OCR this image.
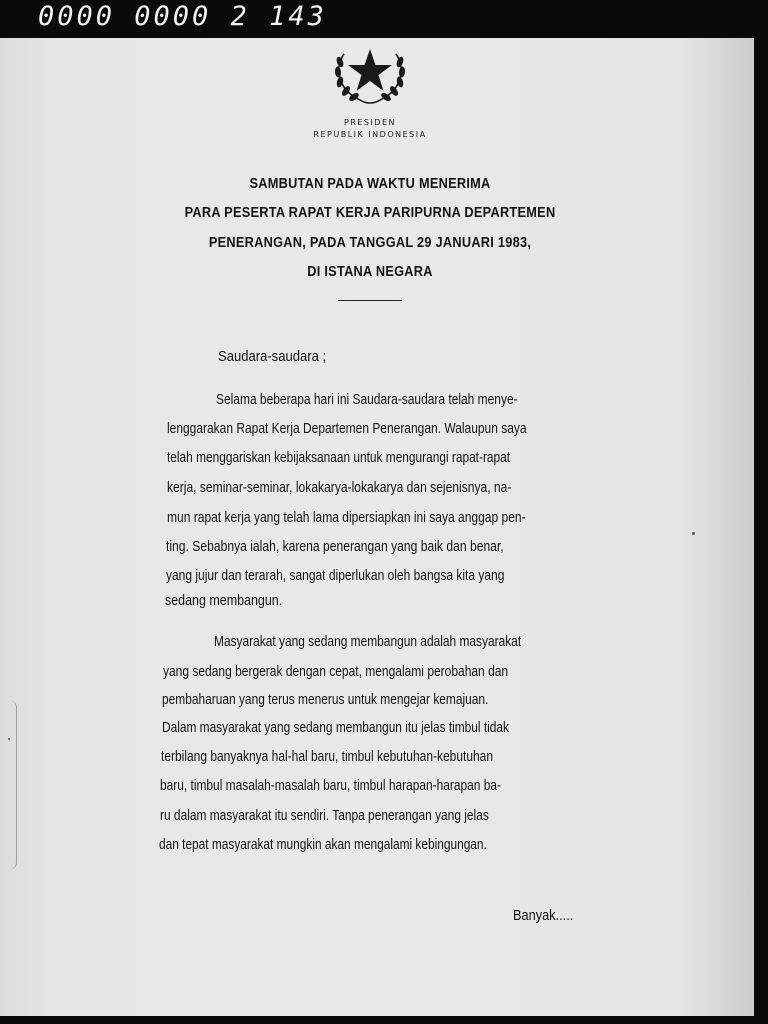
0000 0000 2 143
PRESIDEN
REPUBLIK INDONESIA
SAMBUTAN PADA WAKTU MENERIMA
PARA PESERTA RAPAT KERJA PARIPURNA DEPARTEMEN
PENERANGAN, PADA TANGGAL 29 JANUARI 1983,
DI ISTANA NEGARA
Saudara-saudara ;
Selama beberapa hari ini Saudara-saudara telah menye-
lenggarakan Rapat Kerja Departemen Penerangan. Walaupun saya
telah menggariskan kebijaksanaan untuk mengurangi rapat-rapat
kerja, seminar-seminar, lokakarya-lokakarya dan sejenisnya, na-
mun rapat kerja yang telah lama dipersiapkan ini saya anggap pen-
ting. Sebabnya ialah, karena penerangan yang baik dan benar,
yang jujur dan terarah, sangat diperlukan oleh bangsa kita yang
sedang membangun.
Masyarakat yang sedang membangun adalah masyarakat
yang sedang bergerak dengan cepat, mengalami perobahan dan
pembaharuan yang terus menerus untuk mengejar kemajuan.
Dalam masyarakat yang sedang membangun itu jelas timbul tidak
terbilang banyaknya hal-hal baru, timbul kebutuhan-kebutuhan
baru, timbul masalah-masalah baru, timbul harapan-harapan ba-
ru dalam masyarakat itu sendiri. Tanpa penerangan yang jelas
dan tepat masyarakat mungkin akan mengalami kebingungan.
Banyak.....
